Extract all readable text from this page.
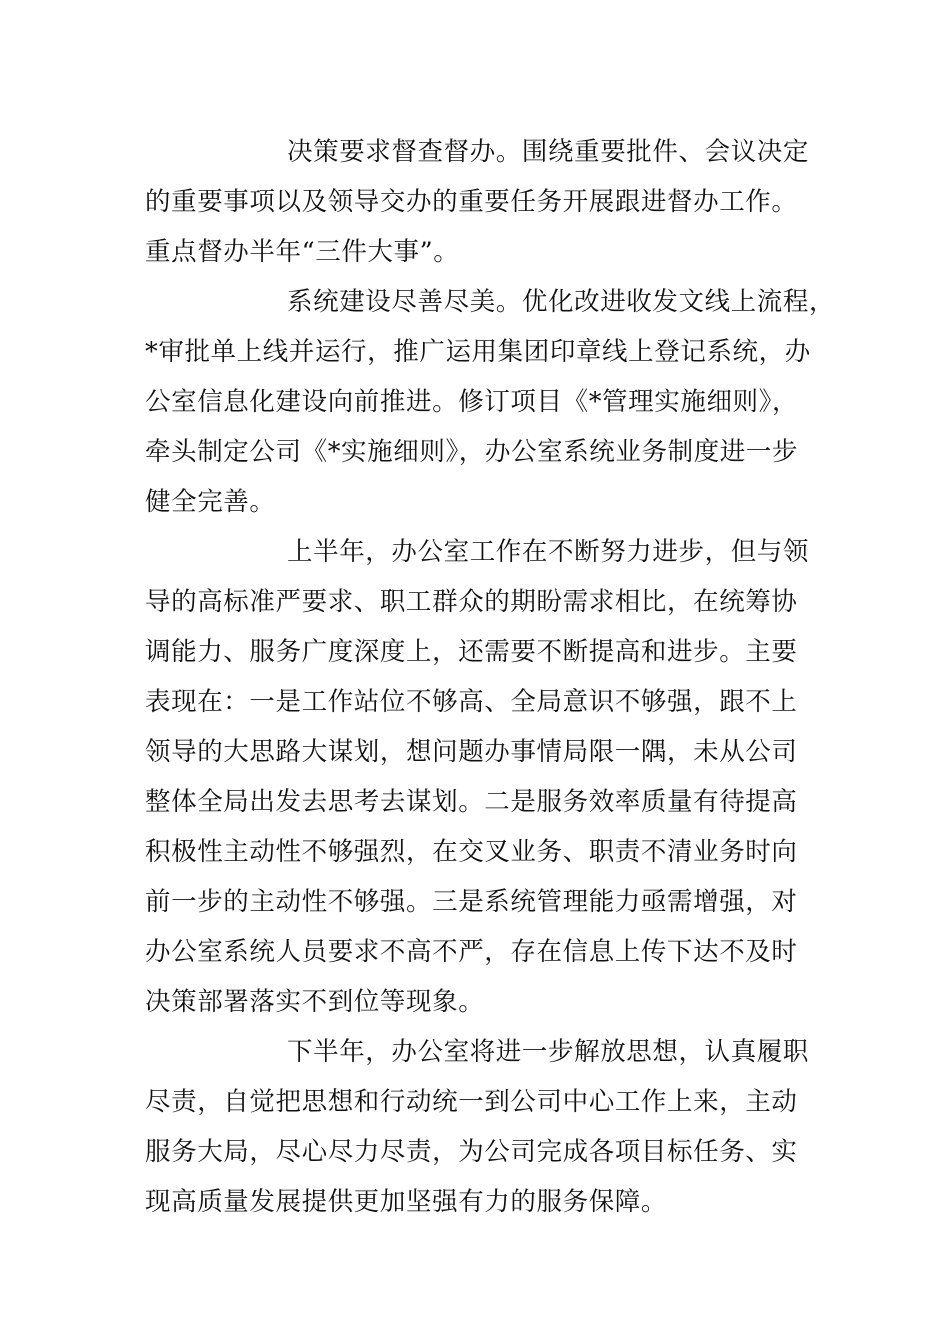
决策要求督查督办。围绕重要批件、会议决定
的重要事项以及领导交办的重要任务开展跟进督办工作。
重点督办半年“三件大事”。
系统建设尽善尽美。优化改进收发文线上流程，
*审批单上线并运行，推广运用集团印章线上登记系统，办
公室信息化建设向前推进。修订项目《*管理实施细则》，
牵头制定公司《*实施细则》，办公室系统业务制度进一步
健全完善。
上半年，办公室工作在不断努力进步，但与领
导的高标准严要求、职工群众的期盼需求相比，在统筹协
调能力、服务广度深度上，还需要不断提高和进步。主要
表现在：一是工作站位不够高、全局意识不够强，跟不上
领导的大思路大谋划，想问题办事情局限一隅，未从公司
整体全局出发去思考去谋划。二是服务效率质量有待提高
积极性主动性不够强烈，在交叉业务、职责不清业务时向
前一步的主动性不够强。三是系统管理能力亟需增强，对
办公室系统人员要求不高不严，存在信息上传下达不及时
决策部署落实不到位等现象。
下半年，办公室将进一步解放思想，认真履职
尽责，自觉把思想和行动统一到公司中心工作上来，主动
服务大局，尽心尽力尽责，为公司完成各项目标任务、实
现高质量发展提供更加坚强有力的服务保障。
